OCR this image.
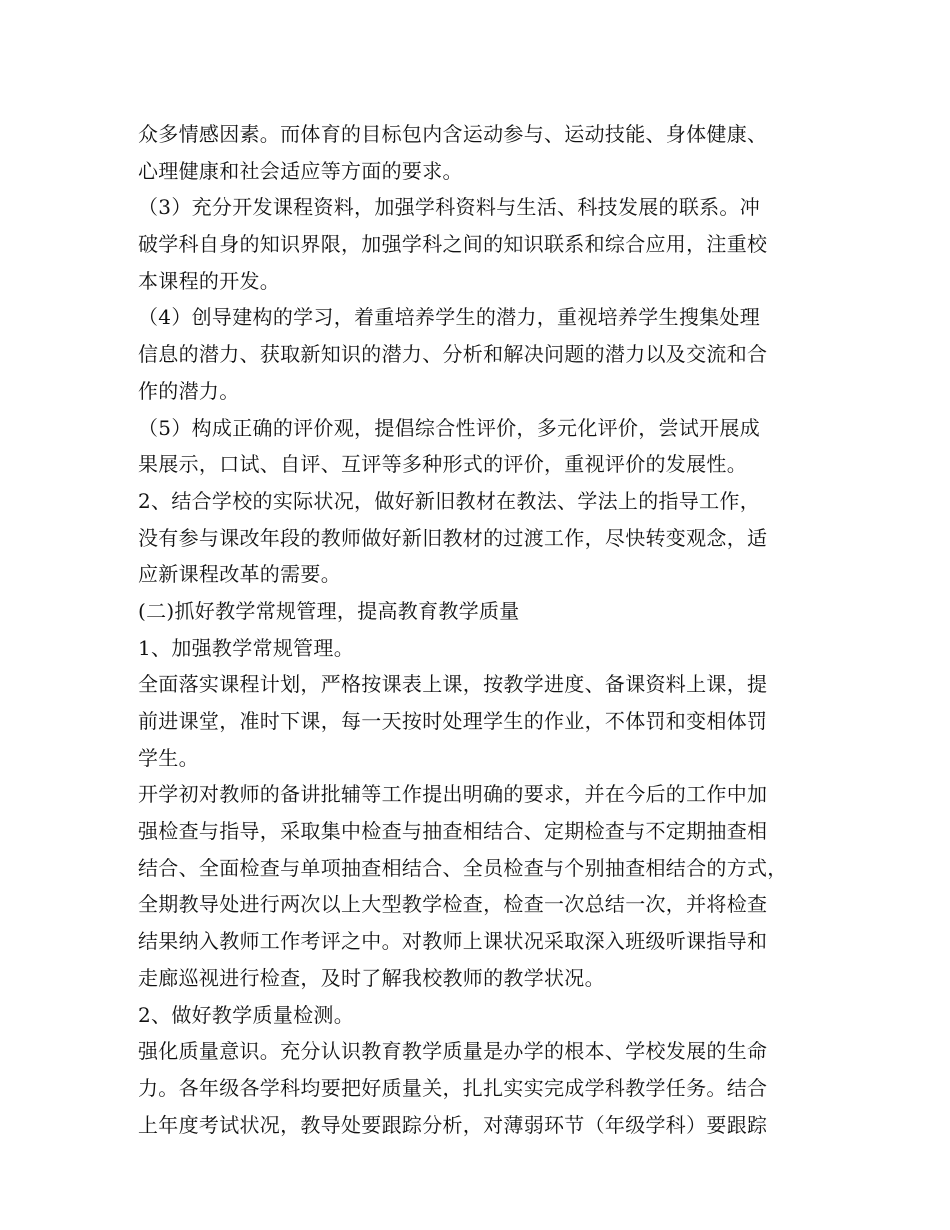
众多情感因素。而体育的目标包内含运动参与、运动技能、身体健康、
心理健康和社会适应等方面的要求。
（3）充分开发课程资料，加强学科资料与生活、科技发展的联系。冲
破学科自身的知识界限，加强学科之间的知识联系和综合应用，注重校
本课程的开发。
（4）创导建构的学习，着重培养学生的潜力，重视培养学生搜集处理
信息的潜力、获取新知识的潜力、分析和解决问题的潜力以及交流和合
作的潜力。
（5）构成正确的评价观，提倡综合性评价，多元化评价，尝试开展成
果展示，口试、自评、互评等多种形式的评价，重视评价的发展性。
2、结合学校的实际状况，做好新旧教材在教法、学法上的指导工作，
没有参与课改年段的教师做好新旧教材的过渡工作，尽快转变观念，适
应新课程改革的需要。
(二)抓好教学常规管理，提高教育教学质量
1、加强教学常规管理。
全面落实课程计划，严格按课表上课，按教学进度、备课资料上课，提
前进课堂，准时下课，每一天按时处理学生的作业，不体罚和变相体罚
学生。
开学初对教师的备讲批辅等工作提出明确的要求，并在今后的工作中加
强检查与指导，采取集中检查与抽查相结合、定期检查与不定期抽查相
结合、全面检查与单项抽查相结合、全员检查与个别抽查相结合的方式，
全期教导处进行两次以上大型教学检查，检查一次总结一次，并将检查
结果纳入教师工作考评之中。对教师上课状况采取深入班级听课指导和
走廊巡视进行检查，及时了解我校教师的教学状况。
2、做好教学质量检测。
强化质量意识。充分认识教育教学质量是办学的根本、学校发展的生命
力。各年级各学科均要把好质量关，扎扎实实完成学科教学任务。结合
上年度考试状况，教导处要跟踪分析，对薄弱环节（年级学科）要跟踪
